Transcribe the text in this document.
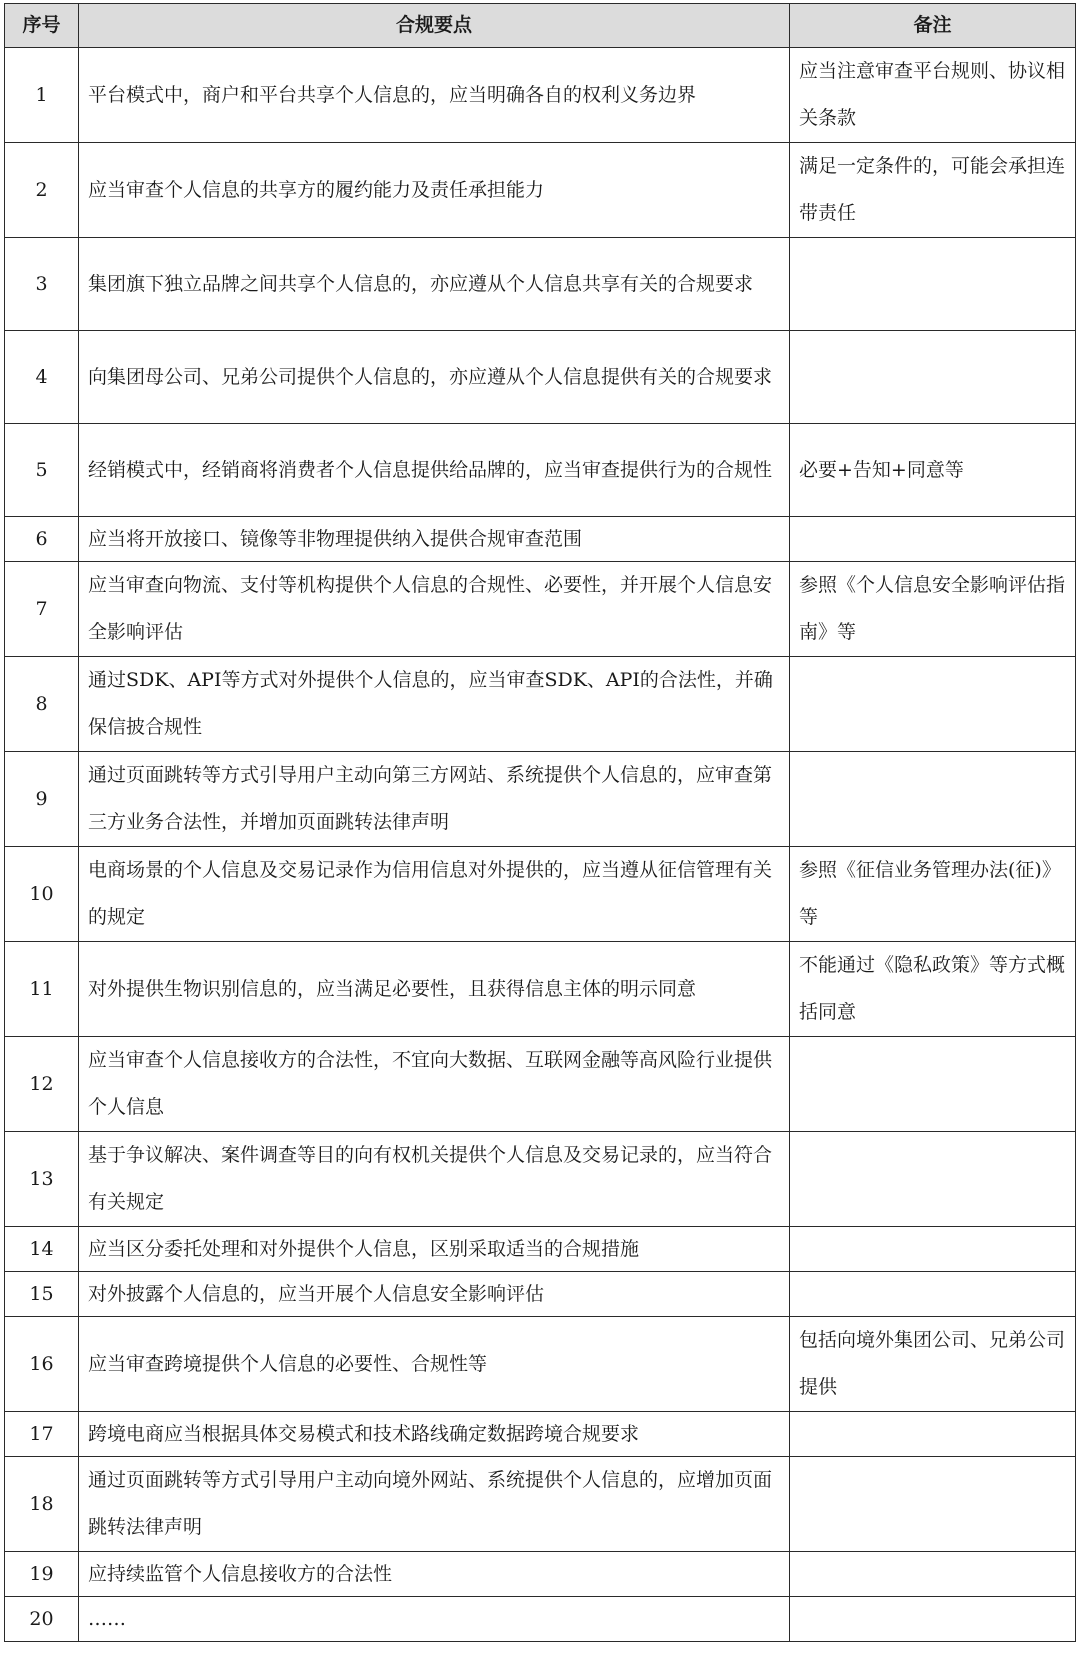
序号	合规要点	备注
1	平台模式中，商户和平台共享个人信息的，应当明确各自的权利义务边界	应当注意审查平台规则、协议相关条款
2	应当审查个人信息的共享方的履约能力及责任承担能力	满足一定条件的，可能会承担连带责任
3	集团旗下独立品牌之间共享个人信息的，亦应遵从个人信息共享有关的合规要求	
4	向集团母公司、兄弟公司提供个人信息的，亦应遵从个人信息提供有关的合规要求	
5	经销模式中，经销商将消费者个人信息提供给品牌的，应当审查提供行为的合规性	必要+告知+同意等
6	应当将开放接口、镜像等非物理提供纳入提供合规审查范围	
7	应当审查向物流、支付等机构提供个人信息的合规性、必要性，并开展个人信息安全影响评估	参照《个人信息安全影响评估指南》等
8	通过SDK、API等方式对外提供个人信息的，应当审查SDK、API的合法性，并确保信披合规性	
9	通过页面跳转等方式引导用户主动向第三方网站、系统提供个人信息的，应审查第三方业务合法性，并增加页面跳转法律声明	
10	电商场景的个人信息及交易记录作为信用信息对外提供的，应当遵从征信管理有关的规定	参照《征信业务管理办法(征)》等
11	对外提供生物识别信息的，应当满足必要性，且获得信息主体的明示同意	不能通过《隐私政策》等方式概括同意
12	应当审查个人信息接收方的合法性，不宜向大数据、互联网金融等高风险行业提供个人信息	
13	基于争议解决、案件调查等目的向有权机关提供个人信息及交易记录的，应当符合有关规定	
14	应当区分委托处理和对外提供个人信息，区别采取适当的合规措施	
15	对外披露个人信息的，应当开展个人信息安全影响评估	
16	应当审查跨境提供个人信息的必要性、合规性等	包括向境外集团公司、兄弟公司提供
17	跨境电商应当根据具体交易模式和技术路线确定数据跨境合规要求	
18	通过页面跳转等方式引导用户主动向境外网站、系统提供个人信息的，应增加页面跳转法律声明	
19	应持续监管个人信息接收方的合法性	
20	……	
